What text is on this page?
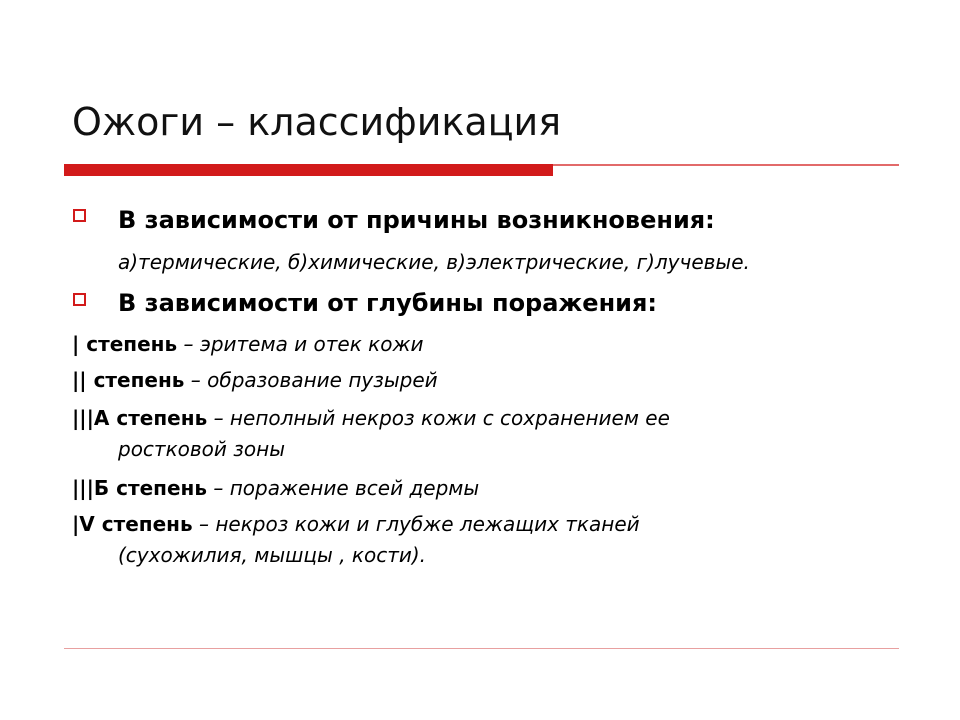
Ожоги – классификация
В зависимости от причины возникновения:
а)термические, б)химические, в)электрические, г)лучевые.
В зависимости от глубины поражения:
| степень – эритема и отек кожи
|| степень – образование пузырей
|||А степень – неполный некроз кожи с сохранением ее
ростковой зоны
|||Б степень – поражение всей дермы
|V степень – некроз кожи и глубже лежащих тканей
(сухожилия, мышцы , кости).
